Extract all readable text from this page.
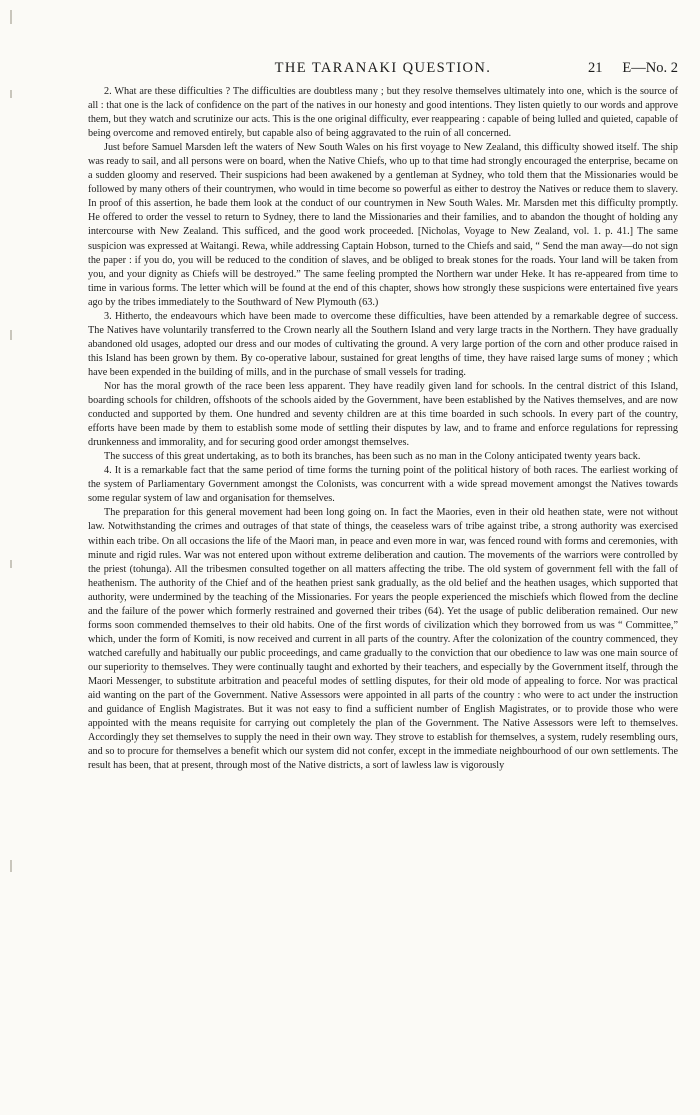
THE TARANAKI QUESTION.	21 E—No. 2

2. What are these difficulties ? The difficulties are doubtless many ; but they resolve themselves ultimately into one, which is the source of all : that one is the lack of confidence on the part of the natives in our honesty and good intentions. They listen quietly to our words and approve them, but they watch and scrutinize our acts. This is the one original difficulty, ever reappearing : capable of being lulled and quieted, capable of being overcome and removed entirely, but capable also of being aggravated to the ruin of all concerned.

Just before Samuel Marsden left the waters of New South Wales on his first voyage to New Zealand, this difficulty showed itself. The ship was ready to sail, and all persons were on board, when the Native Chiefs, who up to that time had strongly encouraged the enterprise, became on a sudden gloomy and reserved. Their suspicions had been awakened by a gentleman at Sydney, who told them that the Missionaries would be followed by many others of their countrymen, who would in time become so powerful as either to destroy the Natives or reduce them to slavery. In proof of this assertion, he bade them look at the conduct of our countrymen in New South Wales. Mr. Marsden met this difficulty promptly. He offered to order the vessel to return to Sydney, there to land the Missionaries and their families, and to abandon the thought of holding any intercourse with New Zealand. This sufficed, and the good work proceeded. [Nicholas, Voyage to New Zealand, vol. 1. p. 41.] The same suspicion was expressed at Waitangi. Rewa, while addressing Captain Hobson, turned to the Chiefs and said, “ Send the man away—do not sign the paper : if you do, you will be reduced to the condition of slaves, and be obliged to break stones for the roads. Your land will be taken from you, and your dignity as Chiefs will be destroyed.” The same feeling prompted the Northern war under Heke. It has re-appeared from time to time in various forms. The letter which will be found at the end of this chapter, shows how strongly these suspicions were entertained five years ago by the tribes immediately to the Southward of New Plymouth (63.)

3. Hitherto, the endeavours which have been made to overcome these difficulties, have been attended by a remarkable degree of success. The Natives have voluntarily transferred to the Crown nearly all the Southern Island and very large tracts in the Northern. They have gradually abandoned old usages, adopted our dress and our modes of cultivating the ground. A very large portion of the corn and other produce raised in this Island has been grown by them. By co-operative labour, sustained for great lengths of time, they have raised large sums of money ; which have been expended in the building of mills, and in the purchase of small vessels for trading.

Nor has the moral growth of the race been less apparent. They have readily given land for schools. In the central district of this Island, boarding schools for children, offshoots of the schools aided by the Government, have been established by the Natives themselves, and are now conducted and supported by them. One hundred and seventy children are at this time boarded in such schools. In every part of the country, efforts have been made by them to establish some mode of settling their disputes by law, and to frame and enforce regulations for repressing drunkenness and immorality, and for securing good order amongst themselves.

The success of this great undertaking, as to both its branches, has been such as no man in the Colony anticipated twenty years back.

4. It is a remarkable fact that the same period of time forms the turning point of the political history of both races. The earliest working of the system of Parliamentary Government amongst the Colonists, was concurrent with a wide spread movement amongst the Natives towards some regular system of law and organisation for themselves.

The preparation for this general movement had been long going on. In fact the Maories, even in their old heathen state, were not without law. Notwithstanding the crimes and outrages of that state of things, the ceaseless wars of tribe against tribe, a strong authority was exercised within each tribe. On all occasions the life of the Maori man, in peace and even more in war, was fenced round with forms and ceremonies, with minute and rigid rules. War was not entered upon without extreme deliberation and caution. The movements of the warriors were controlled by the priest (tohunga). All the tribesmen consulted together on all matters affecting the tribe. The old system of government fell with the fall of heathenism. The authority of the Chief and of the heathen priest sank gradually, as the old belief and the heathen usages, which supported that authority, were undermined by the teaching of the Missionaries. For years the people experienced the mischiefs which flowed from the decline and the failure of the power which formerly restrained and governed their tribes (64). Yet the usage of public deliberation remained. Our new forms soon commended themselves to their old habits. One of the first words of civilization which they borrowed from us was “ Committee,” which, under the form of Komiti, is now received and current in all parts of the country. After the colonization of the country commenced, they watched carefully and habitually our public proceedings, and came gradually to the conviction that our obedience to law was one main source of our superiority to themselves. They were continually taught and exhorted by their teachers, and especially by the Government itself, through the Maori Messenger, to substitute arbitration and peaceful modes of settling disputes, for their old mode of appealing to force. Nor was practical aid wanting on the part of the Government. Native Assessors were appointed in all parts of the country : who were to act under the instruction and guidance of English Magistrates. But it was not easy to find a sufficient number of English Magistrates, or to provide those who were appointed with the means requisite for carrying out completely the plan of the Government. The Native Assessors were left to themselves. Accordingly they set themselves to supply the need in their own way. They strove to establish for themselves, a system, rudely resembling ours, and so to procure for themselves a benefit which our system did not confer, except in the immediate neighbourhood of our own settlements. The result has been, that at present, through most of the Native districts, a sort of lawless law is vigorously
